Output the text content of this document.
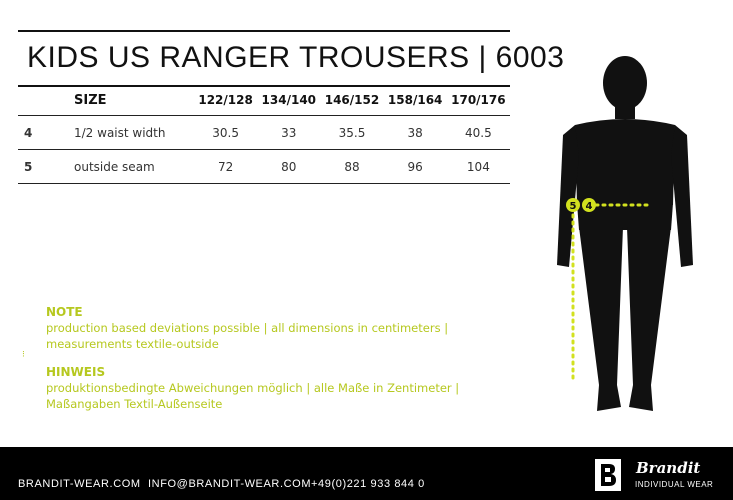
KIDS US RANGER TROUSERS | 6003
	SIZE	122/128	134/140	146/152	158/164	170/176
4	1/2 waist width	30.5	33	35.5	38	40.5
5	outside seam	72	80	88	96	104
NOTE
production based deviations possible | all dimensions in centimeters |
measurements textile-outside
⁝
HINWEIS
produktionsbedingte Abweichungen möglich | alle Maße in Zentimeter |
Maßangaben Textil-Außenseite
5 4
BRANDIT-WEAR.COM INFO@BRANDIT-WEAR.COM +49(0)221 933 844 0
Brandit
INDIVIDUAL WEAR
